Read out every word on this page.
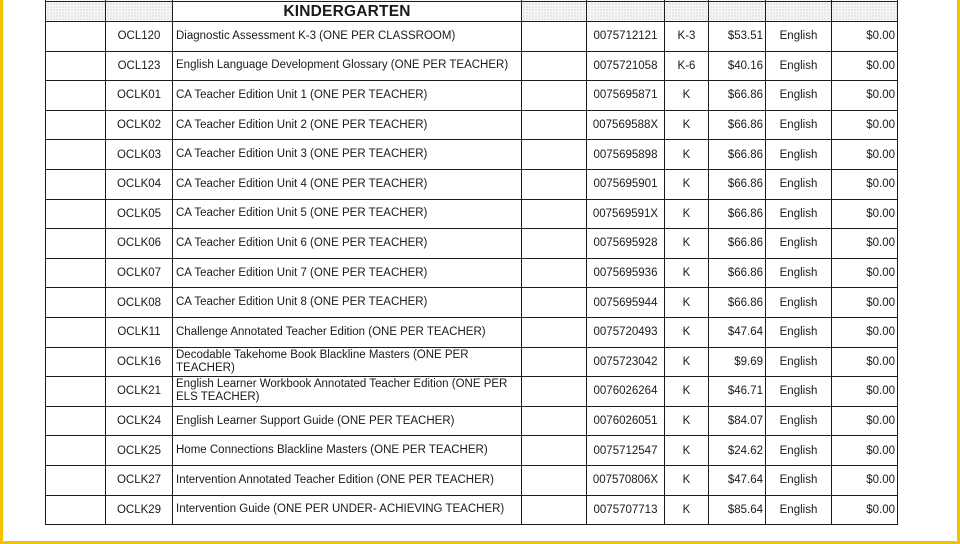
		KINDERGARTEN						
	OCL120	Diagnostic Assessment K-3 (ONE PER CLASSROOM)		0075712121	K-3	$53.51	English	$0.00
	OCL123	English Language Development Glossary (ONE PER TEACHER)		0075721058	K-6	$40.16	English	$0.00
	OCLK01	CA Teacher Edition Unit 1 (ONE PER TEACHER)		0075695871	K	$66.86	English	$0.00
	OCLK02	CA Teacher Edition Unit 2 (ONE PER TEACHER)		007569588X	K	$66.86	English	$0.00
	OCLK03	CA Teacher Edition Unit 3 (ONE PER TEACHER)		0075695898	K	$66.86	English	$0.00
	OCLK04	CA Teacher Edition Unit 4 (ONE PER TEACHER)		0075695901	K	$66.86	English	$0.00
	OCLK05	CA Teacher Edition Unit 5 (ONE PER TEACHER)		007569591X	K	$66.86	English	$0.00
	OCLK06	CA Teacher Edition Unit 6 (ONE PER TEACHER)		0075695928	K	$66.86	English	$0.00
	OCLK07	CA Teacher Edition Unit 7 (ONE PER TEACHER)		0075695936	K	$66.86	English	$0.00
	OCLK08	CA Teacher Edition Unit 8 (ONE PER TEACHER)		0075695944	K	$66.86	English	$0.00
	OCLK11	Challenge Annotated Teacher Edition (ONE PER TEACHER)		0075720493	K	$47.64	English	$0.00
	OCLK16	Decodable Takehome Book Blackline Masters (ONE PER TEACHER)		0075723042	K	$9.69	English	$0.00
	OCLK21	English Learner Workbook Annotated Teacher Edition (ONE PER ELS TEACHER)		0076026264	K	$46.71	English	$0.00
	OCLK24	English Learner Support Guide (ONE PER TEACHER)		0076026051	K	$84.07	English	$0.00
	OCLK25	Home Connections Blackline Masters (ONE PER TEACHER)		0075712547	K	$24.62	English	$0.00
	OCLK27	Intervention Annotated Teacher Edition (ONE PER TEACHER)		007570806X	K	$47.64	English	$0.00
	OCLK29	Intervention Guide (ONE PER UNDER- ACHIEVING TEACHER)		0075707713	K	$85.64	English	$0.00
